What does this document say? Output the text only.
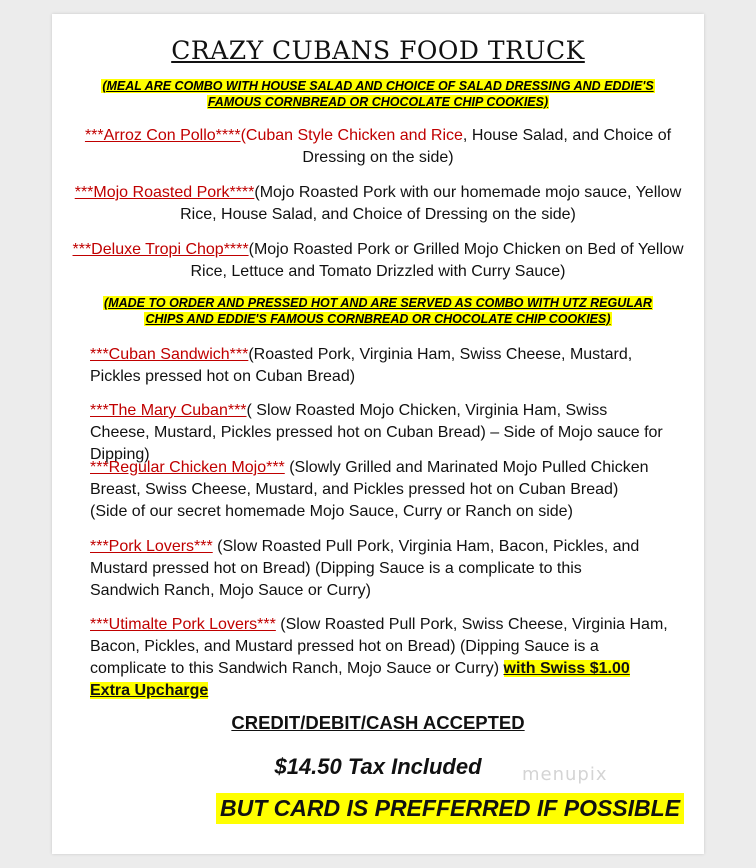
CRAZY CUBANS FOOD TRUCK
(MEAL ARE COMBO WITH HOUSE SALAD AND CHOICE OF SALAD DRESSING AND EDDIE'S
FAMOUS CORNBREAD OR CHOCOLATE CHIP COOKIES)
***Arroz Con Pollo****(Cuban Style Chicken and Rice, House Salad, and Choice of Dressing on the side)
***Mojo Roasted Pork****(Mojo Roasted Pork with our homemade mojo sauce, Yellow Rice, House Salad, and Choice of Dressing on the side)
***Deluxe Tropi Chop****(Mojo Roasted Pork or Grilled Mojo Chicken on Bed of Yellow Rice, Lettuce and Tomato Drizzled with Curry Sauce)
(MADE TO ORDER AND PRESSED HOT AND ARE SERVED AS COMBO WITH UTZ REGULAR
CHIPS AND EDDIE'S FAMOUS CORNBREAD OR CHOCOLATE CHIP COOKIES)
***Cuban Sandwich***(Roasted Pork, Virginia Ham, Swiss Cheese, Mustard, Pickles pressed hot on Cuban Bread)
***The Mary Cuban***( Slow Roasted Mojo Chicken, Virginia Ham, Swiss Cheese, Mustard, Pickles pressed hot on Cuban Bread) – Side of Mojo sauce for Dipping)
***Regular Chicken Mojo*** (Slowly Grilled and Marinated Mojo Pulled Chicken Breast, Swiss Cheese, Mustard, and Pickles pressed hot on Cuban Bread) (Side of our secret homemade Mojo Sauce, Curry or Ranch on side)
***Pork Lovers*** (Slow Roasted Pull Pork, Virginia Ham, Bacon, Pickles, and Mustard pressed hot on Bread) (Dipping Sauce is a complicate to this Sandwich Ranch, Mojo Sauce or Curry)
***Utimalte Pork Lovers*** (Slow Roasted Pull Pork, Swiss Cheese, Virginia Ham, Bacon, Pickles, and Mustard pressed hot on Bread) (Dipping Sauce is a complicate to this Sandwich Ranch, Mojo Sauce or Curry) with Swiss $1.00 Extra Upcharge
CREDIT/DEBIT/CASH ACCEPTED
$14.50 Tax Included
BUT CARD IS PREFFERRED IF POSSIBLE
menupix
